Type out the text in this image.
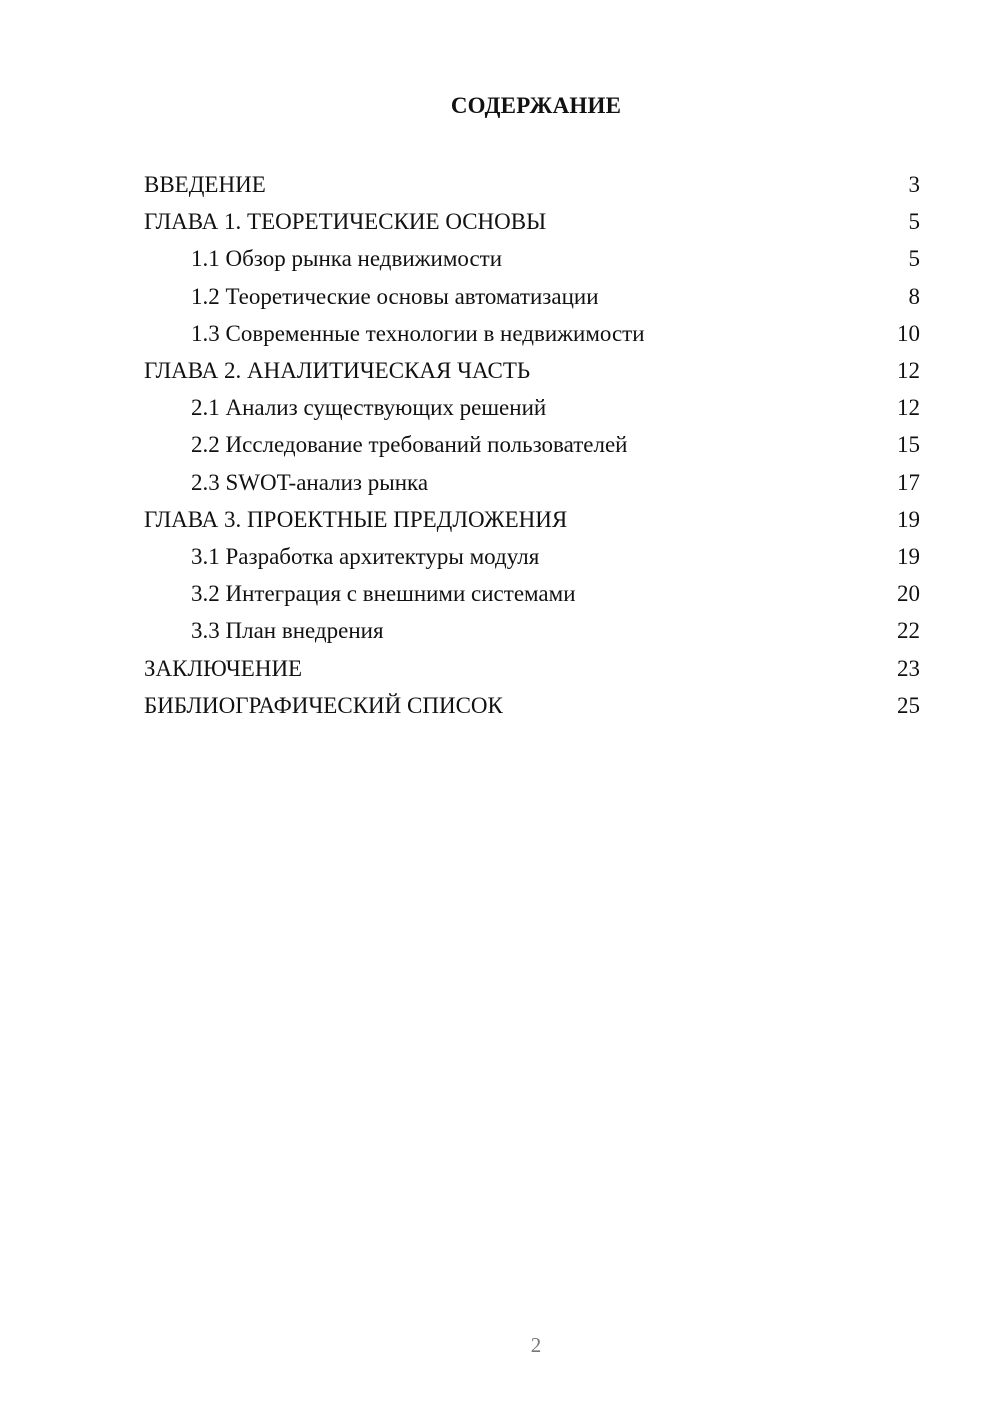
СОДЕРЖАНИЕ
ВВЕДЕНИЕ	3
ГЛАВА 1. ТЕОРЕТИЧЕСКИЕ ОСНОВЫ	5
1.1 Обзор рынка недвижимости	5
1.2 Теоретические основы автоматизации	8
1.3 Современные технологии в недвижимости	10
ГЛАВА 2. АНАЛИТИЧЕСКАЯ ЧАСТЬ	12
2.1 Анализ существующих решений	12
2.2 Исследование требований пользователей	15
2.3 SWOT-анализ рынка	17
ГЛАВА 3. ПРОЕКТНЫЕ ПРЕДЛОЖЕНИЯ	19
3.1 Разработка архитектуры модуля	19
3.2 Интеграция с внешними системами	20
3.3 План внедрения	22
ЗАКЛЮЧЕНИЕ	23
БИБЛИОГРАФИЧЕСКИЙ СПИСОК	25
2
